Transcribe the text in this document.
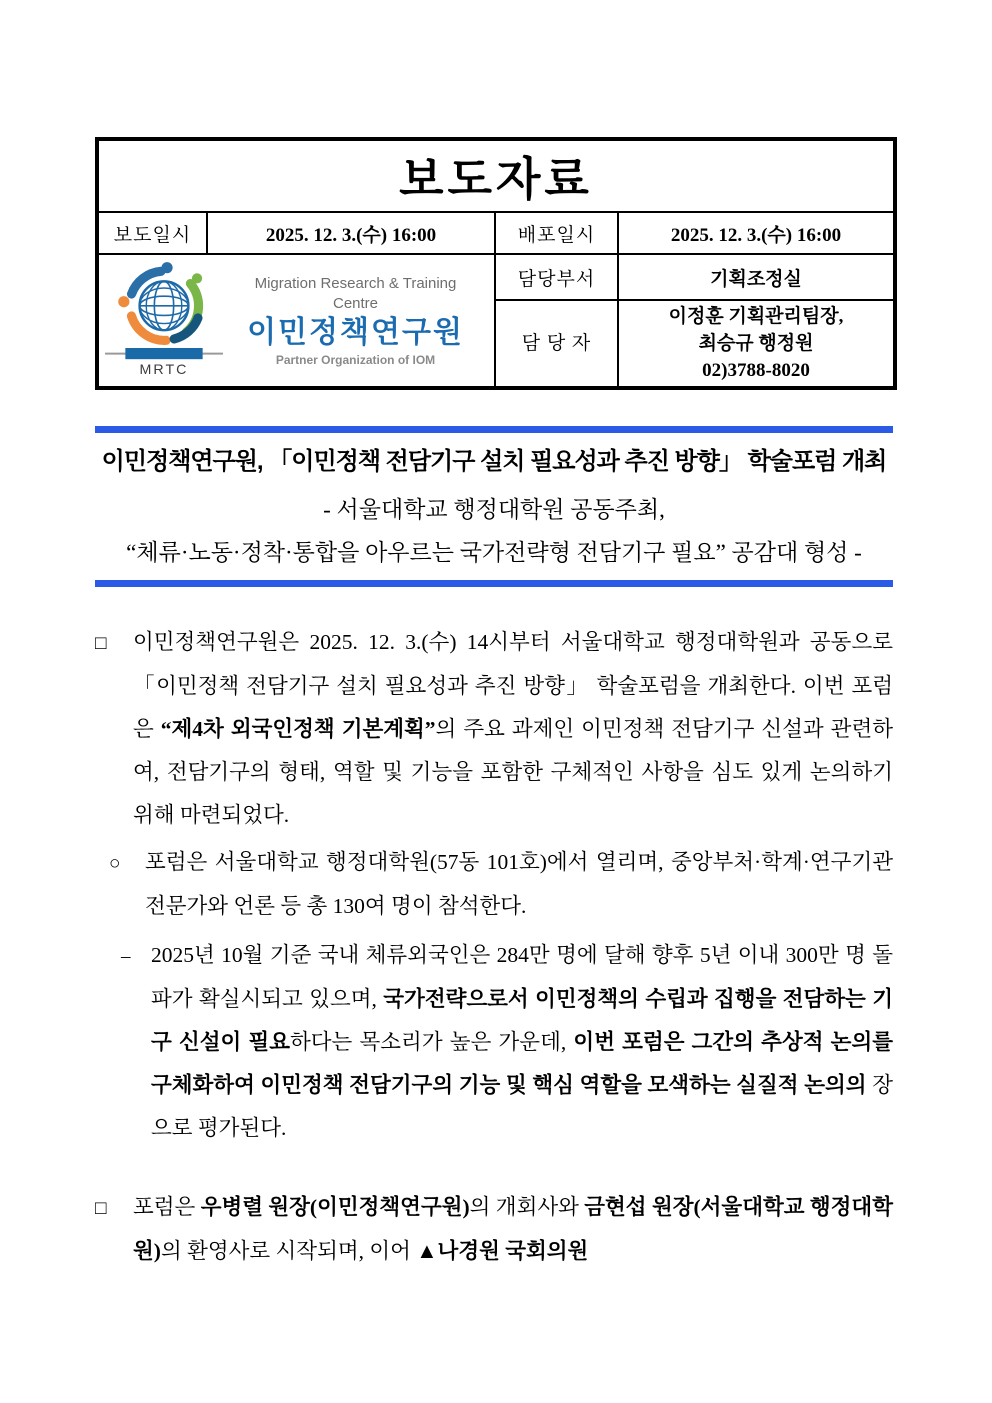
보도자료			
보도일시	2025. 12. 3.(수) 16:00	배포일시	2025. 12. 3.(수) 16:00

MRTC
Migration Research & Training Centre
이민정책연구원
Partner Organization of IOM		담당부서	기획조정실
		담 당 자	이정훈 기획관리팀장,
최승규 행정원
02)3788-8020
이민정책연구원, 「이민정책 전담기구 설치 필요성과 추진 방향」 학술포럼 개최

- 서울대학교 행정대학원 공동주최,

“체류·노동·정착·통합을 아우르는 국가전략형 전담기구 필요” 공감대 형성 -

□ 이민정책연구원은 2025. 12. 3.(수) 14시부터 서울대학교 행정대학원과 공동으로 「이민정책 전담기구 설치 필요성과 추진 방향」 학술포럼을 개최한다. 이번 포럼은 “제4차 외국인정책 기본계획”의 주요 과제인 이민정책 전담기구 신설과 관련하여, 전담기구의 형태, 역할 및 기능을 포함한 구체적인 사항을 심도 있게 논의하기 위해 마련되었다.

○ 포럼은 서울대학교 행정대학원(57동 101호)에서 열리며, 중앙부처·학계·연구기관 전문가와 언론 등 총 130여 명이 참석한다.

– 2025년 10월 기준 국내 체류외국인은 284만 명에 달해 향후 5년 이내 300만 명 돌파가 확실시되고 있으며, 국가전략으로서 이민정책의 수립과 집행을 전담하는 기구 신설이 필요하다는 목소리가 높은 가운데, 이번 포럼은 그간의 추상적 논의를 구체화하여 이민정책 전담기구의 기능 및 핵심 역할을 모색하는 실질적 논의의 장으로 평가된다.

□ 포럼은 우병렬 원장(이민정책연구원)의 개회사와 금현섭 원장(서울대학교 행정대학원)의 환영사로 시작되며, 이어 ▲나경원 국회의원
